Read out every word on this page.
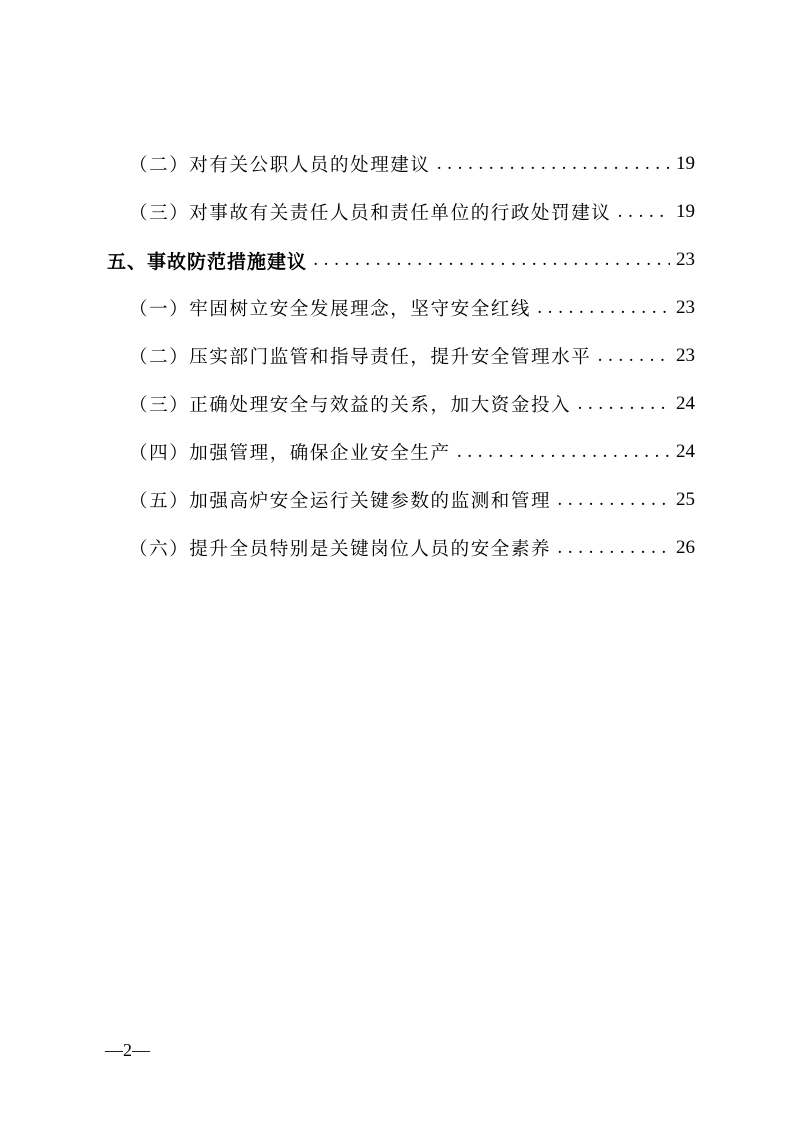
（二）对有关公职人员的处理建议 .....	19
（三）对事故有关责任人员和责任单位的行政处罚建议 .....	19
五、事故防范措施建议 .....	23
（一）牢固树立安全发展理念，坚守安全红线 .....	23
（二）压实部门监管和指导责任，提升安全管理水平 .....	23
（三）正确处理安全与效益的关系，加大资金投入 .....	24
（四）加强管理，确保企业安全生产 .....	24
（五）加强高炉安全运行关键参数的监测和管理 .....	25
（六）提升全员特别是关键岗位人员的安全素养 .....	26
—2—
